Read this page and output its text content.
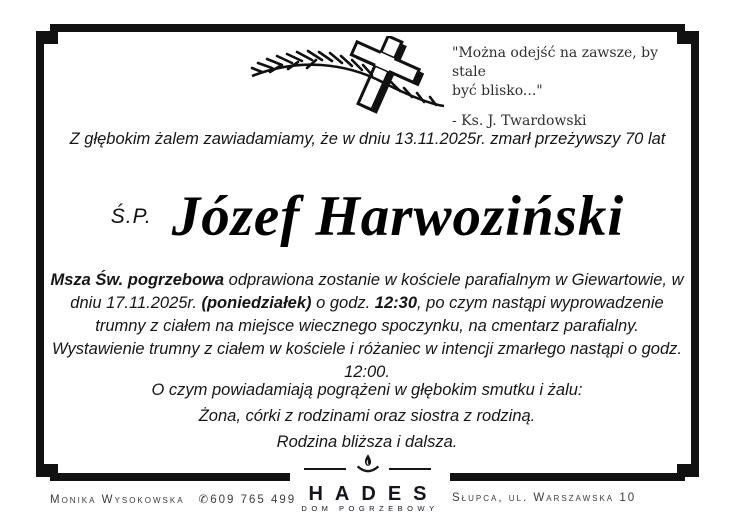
"Można odejść na zawsze, by stale
być blisko..."
- Ks. J. Twardowski
Z głębokim żalem zawiadamiamy, że w dniu 13.11.2025r. zmarł przeżywszy 70 lat
Ś.P. Józef Harwoziński
Msza Św. pogrzebowa odprawiona zostanie w kościele parafialnym w Giewartowie, w
dniu 17.11.2025r. (poniedziałek) o godz. 12:30, po czym nastąpi wyprowadzenie
trumny z ciałem na miejsce wiecznego spoczynku, na cmentarz parafialny.
Wystawienie trumny z ciałem w kościele i różaniec w intencji zmarłego nastąpi o godz.
12:00.
O czym powiadamiają pogrążeni w głębokim smutku i żalu:
Żona, córki z rodzinami oraz siostra z rodziną.
Rodzina bliższa i dalsza.
HADES
DOM POGRZEBOWY
Monika Wysokowska ✆609 765 499	Słupca, ul. Warszawska 10
